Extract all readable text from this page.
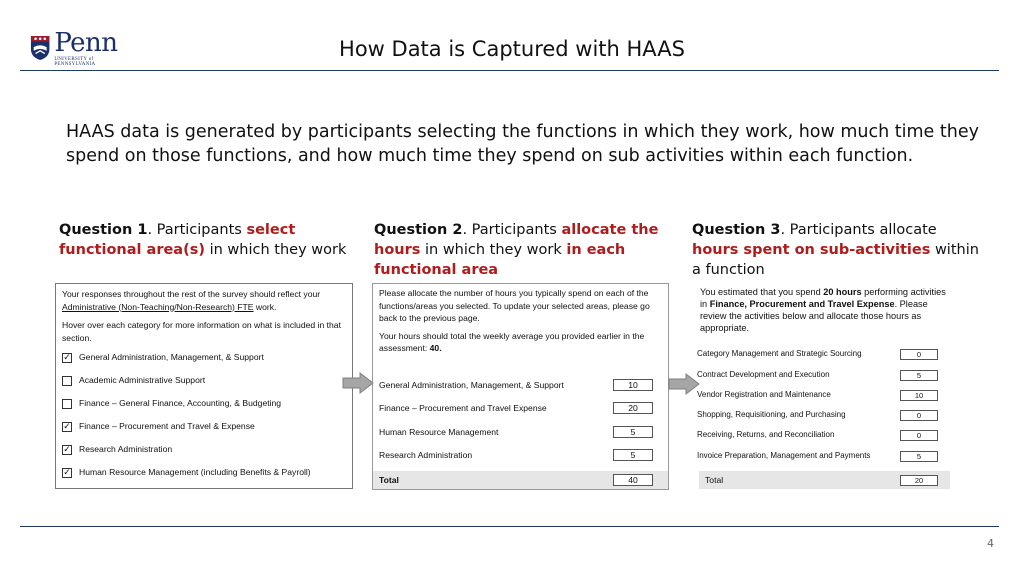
Penn
UNIVERSITY of PENNSYLVANIA
How Data is Captured with HAAS
HAAS data is generated by participants selecting the functions in which they work, how much time they spend on those functions, and how much time they spend on sub activities within each function.
Question 1. Participants select functional area(s) in which they work
Question 2. Participants allocate the hours in which they work in each functional area
Question 3. Participants allocate hours spent on sub-activities within a function
Your responses throughout the rest of the survey should reflect your Administrative (Non-Teaching/Non-Research) FTE work.
Hover over each category for more information on what is included in that section.
✓ General Administration, Management, & Support
Academic Administrative Support
Finance – General Finance, Accounting, & Budgeting
✓ Finance – Procurement and Travel & Expense
✓ Research Administration
✓ Human Resource Management (including Benefits & Payroll)
Please allocate the number of hours you typically spend on each of the functions/areas you selected. To update your selected areas, please go back to the previous page.
Your hours should total the weekly average you provided earlier in the assessment: 40.
General Administration, Management, & Support	10
Finance – Procurement and Travel Expense	20
Human Resource Management	5
Research Administration	5
Total	40
You estimated that you spend 20 hours performing activities in Finance, Procurement and Travel Expense. Please review the activities below and allocate those hours as appropriate.
Category Management and Strategic Sourcing	0
Contract Development and Execution	5
Vendor Registration and Maintenance	10
Shopping, Requisitioning, and Purchasing	0
Receiving, Returns, and Reconciliation	0
Invoice Preparation, Management and Payments	5
Total	20
4
